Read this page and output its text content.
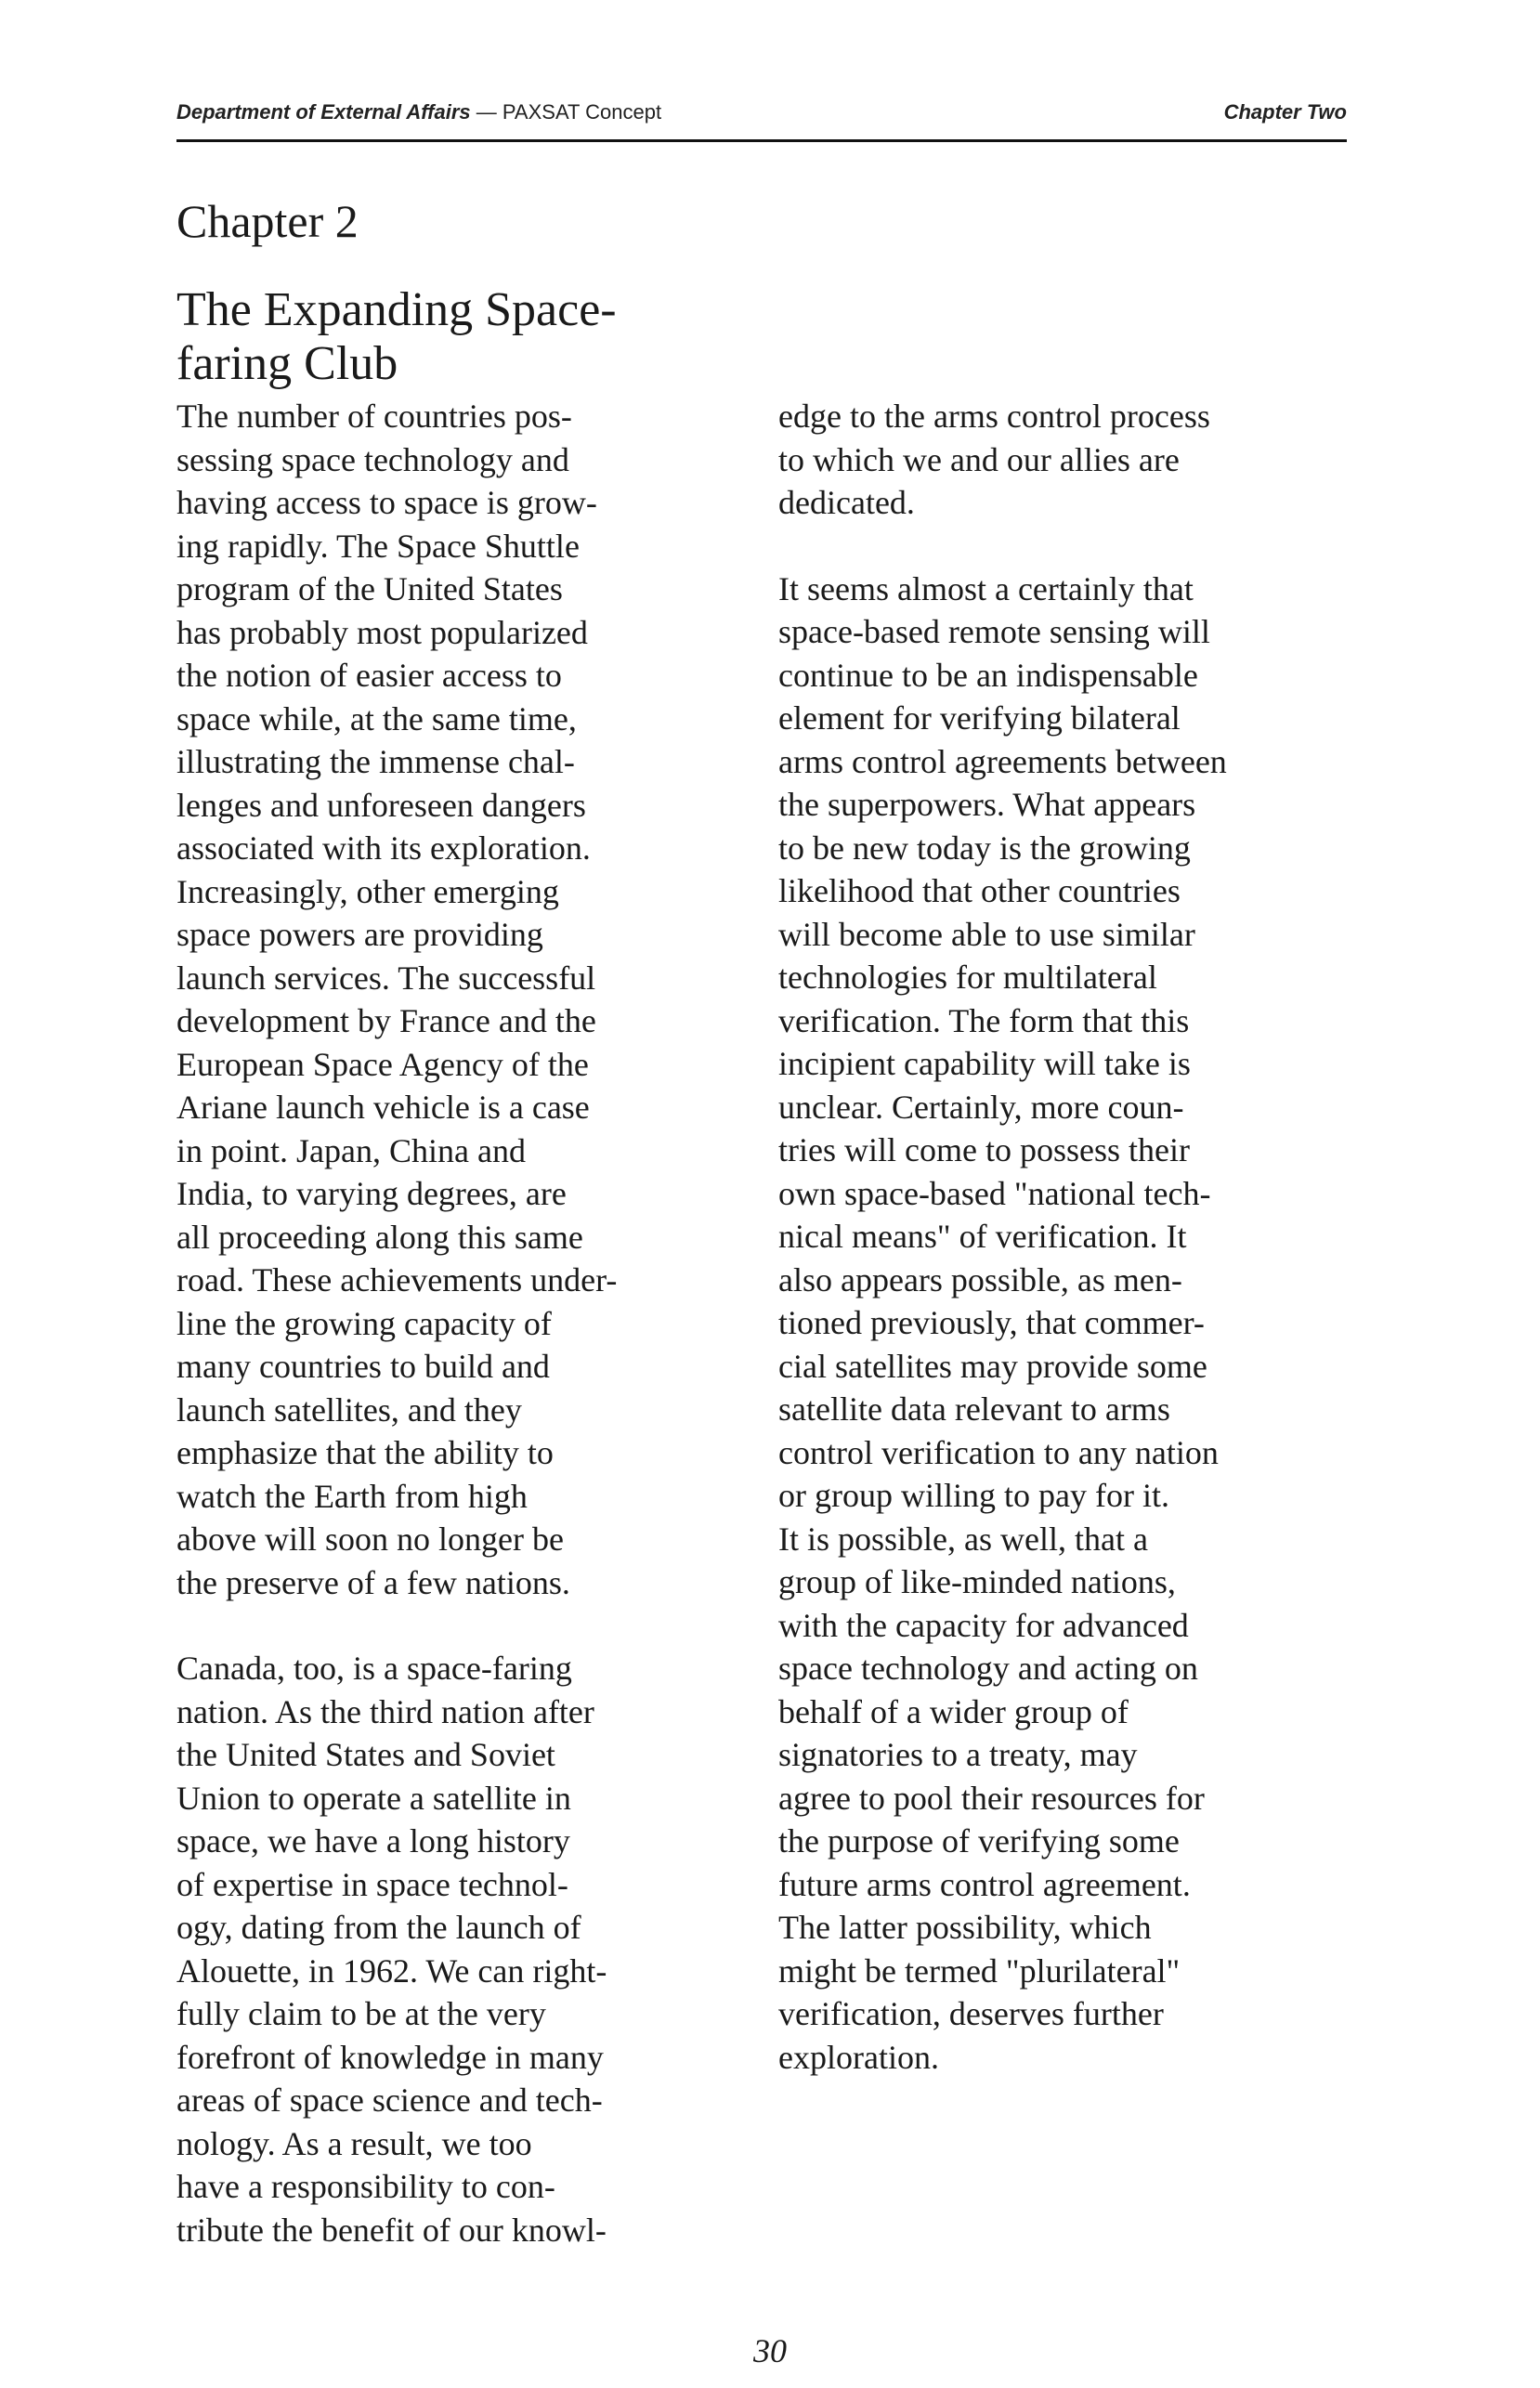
Department of External Affairs — PAXSAT Concept	Chapter Two
Chapter 2
The Expanding Space-
faring Club

The number of countries pos-
sessing space technology and
having access to space is grow-
ing rapidly. The Space Shuttle
program of the United States
has probably most popularized
the notion of easier access to
space while, at the same time,
illustrating the immense chal-
lenges and unforeseen dangers
associated with its exploration.
Increasingly, other emerging
space powers are providing
launch services. The successful
development by France and the
European Space Agency of the
Ariane launch vehicle is a case
in point. Japan, China and
India, to varying degrees, are
all proceeding along this same
road. These achievements under-
line the growing capacity of
many countries to build and
launch satellites, and they
emphasize that the ability to
watch the Earth from high
above will soon no longer be
the preserve of a few nations.

Canada, too, is a space-faring
nation. As the third nation after
the United States and Soviet
Union to operate a satellite in
space, we have a long history
of expertise in space technol-
ogy, dating from the launch of
Alouette, in 1962. We can right-
fully claim to be at the very
forefront of knowledge in many
areas of space science and tech-
nology. As a result, we too
have a responsibility to con-
tribute the benefit of our knowl-

edge to the arms control process
to which we and our allies are
dedicated.

It seems almost a certainly that
space-based remote sensing will
continue to be an indispensable
element for verifying bilateral
arms control agreements between
the superpowers. What appears
to be new today is the growing
likelihood that other countries
will become able to use similar
technologies for multilateral
verification. The form that this
incipient capability will take is
unclear. Certainly, more coun-
tries will come to possess their
own space-based "national tech-
nical means" of verification. It
also appears possible, as men-
tioned previously, that commer-
cial satellites may provide some
satellite data relevant to arms
control verification to any nation
or group willing to pay for it.
It is possible, as well, that a
group of like-minded nations,
with the capacity for advanced
space technology and acting on
behalf of a wider group of
signatories to a treaty, may
agree to pool their resources for
the purpose of verifying some
future arms control agreement.
The latter possibility, which
might be termed "plurilateral"
verification, deserves further
exploration.

30
